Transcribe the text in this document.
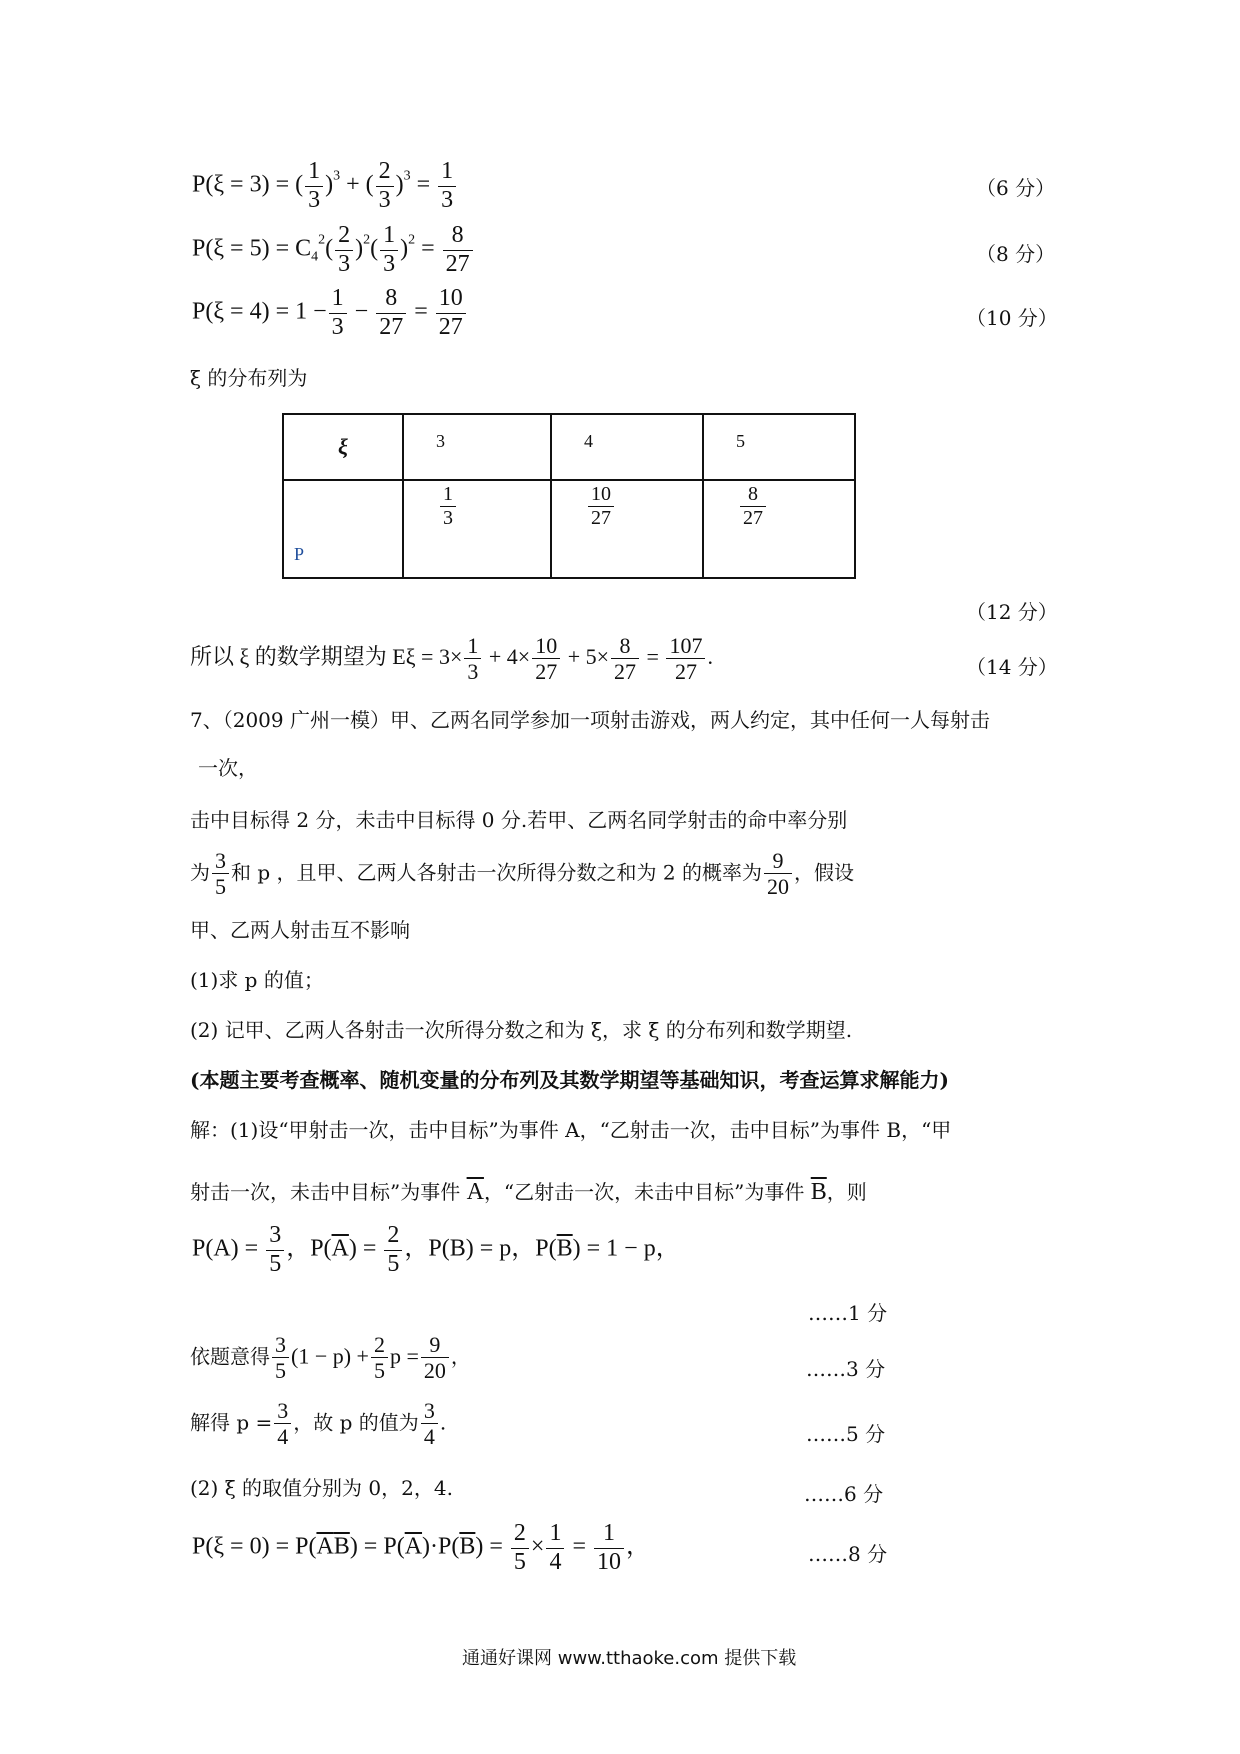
P(ξ = 3) = ( $\frac{1}{3} )^3$ + ( $\frac{2}{3} )^3 = \frac{1}{3}$	（6 分）
$P(\xi = 5) = C_4^2( \frac{2}{3} )^2( \frac{1}{3} )^2 = \frac{8}{27}$	（8 分）
$P(\xi = 4) = 1 - \frac{1}{3} - \frac{8}{27} = \frac{10}{27}$	（10 分）
ξ 的分布列为
ξ	3	4	5

P	$\frac{1}{3}$	$\frac{10}{27}$	$\frac{8}{27}$
（12 分）
所以 ξ 的数学期望为 $E\xi = 3\times \frac{1}{3} + 4\times \frac{10}{27} + 5\times \frac{8}{27} = \frac{107}{27}$ .	（14 分）
7、（2009 广州一模）甲、乙两名同学参加一项射击游戏，两人约定，其中任何一人每射击
一次，
击中目标得 2 分，未击中目标得 0 分.若甲、乙两名同学射击的命中率分别
为 $\frac{3}{5}$ 和 p ，且甲、乙两人各射击一次所得分数之和为 2 的概率为 $\frac{9}{20}$ ，假设
甲、乙两人射击互不影响
(1)求 p 的值；
(2) 记甲、乙两人各射击一次所得分数之和为 ξ，求 ξ 的分布列和数学期望.
(本题主要考查概率、随机变量的分布列及其数学期望等基础知识，考查运算求解能力)
解：(1)设“甲射击一次，击中目标”为事件 A，“乙射击一次，击中目标”为事件 B，“甲
射击一次，未击中目标”为事件 $\overline{A}$，“乙射击一次，未击中目标”为事件 $\overline{B}$，则
$P(A) = \frac{3}{5}$ ，$P(\overline{A}) = \frac{2}{5}$ ，P(B) = p，$P(\overline{B}) = 1 - p$，
……1 分
依题意得 $\frac{3}{5} (1 - p) + \frac{2}{5}$ $p = \frac{9}{20}$ ，
……3 分
解得 $p = \frac{3}{4}$ ，故 p 的值为 $\frac{3}{4}$ .	……5 分
(2) ξ 的取值分别为 0，2，4.	……6 分
$P(\xi = 0) = P(\overline{A}\overline{B}) = P(\overline{A})\cdot P(\overline{B}) = \frac{2}{5} \times \frac{1}{4} = \frac{1}{10}$ ，	……8 分
通通好课网 www.tthaoke.com 提供下载
